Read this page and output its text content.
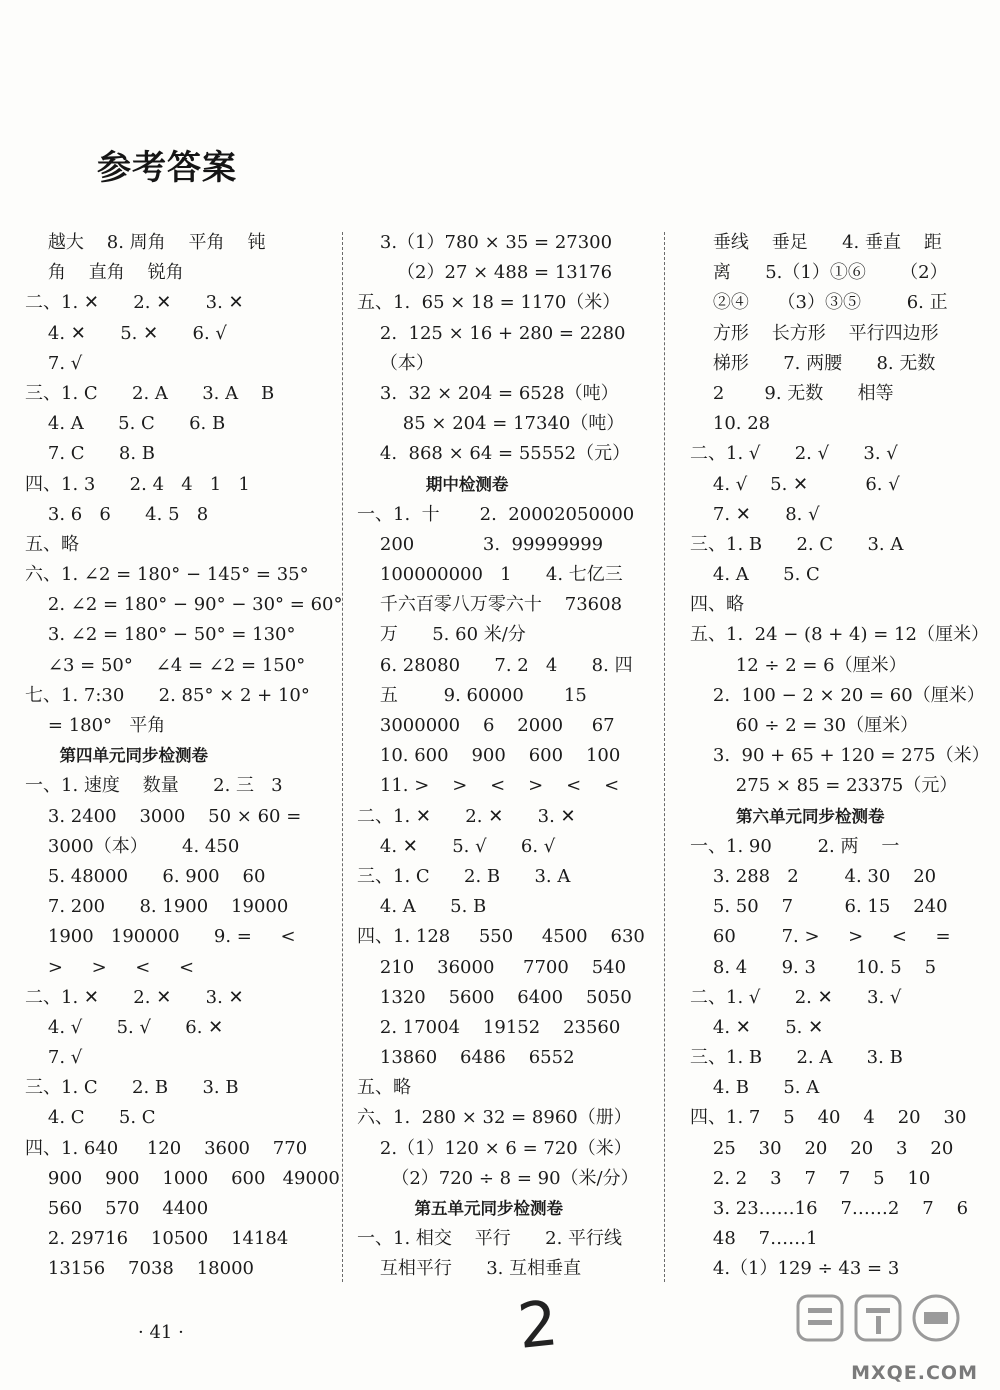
参考答案
越大    8. 周角    平角    钝
角    直角    锐角
二、1. ✕      2. ✕      3. ✕
4. ✕      5. ✕      6. √
7. √
三、1. C      2. A      3. A    B
4. A      5. C      6. B
7. C      8. B
四、1. 3      2. 4   4   1   1
3. 6   6      4. 5   8
五、略
六、1. ∠2 = 180° − 145° = 35°
2. ∠2 = 180° − 90° − 30° = 60°
3. ∠2 = 180° − 50° = 130°
∠3 = 50°    ∠4 = ∠2 = 150°
七、1. 7:30      2. 85° × 2 + 10°
= 180°   平角
第四单元同步检测卷
一、1. 速度    数量      2. 三   3
3. 2400    3000    50 × 60 =
3000（本）      4. 450
5. 48000      6. 900    60
7. 200      8. 1900    19000
1900   190000      9. =     <
>     >     <     <
二、1. ✕      2. ✕      3. ✕
4. √      5. √      6. ✕
7. √
三、1. C      2. B      3. B
4. C      5. C
四、1. 640     120    3600    770
900    900    1000    600   49000
560    570    4400
2. 29716    10500    14184
13156    7038    18000
3.（1）780 × 35 = 27300
（2）27 × 488 = 13176
五、1.  65 × 18 = 1170（米）
2.  125 × 16 + 280 = 2280
（本）
3.  32 × 204 = 6528（吨）
85 × 204 = 17340（吨）
4.  868 × 64 = 55552（元）
期中检测卷
一、1.  十       2.  20002050000
200            3.  99999999
100000000   1      4. 七亿三
千六百零八万零六十    73608
万      5. 60 米/分
6. 28080      7. 2   4      8. 四
五        9. 60000       15
3000000    6    2000     67
10. 600    900    600    100
11. >    >    <    >    <    <
二、1. ✕      2. ✕      3. ✕
4. ✕      5. √      6. √
三、1. C      2. B      3. A
4. A      5. B
四、1. 128     550     4500    630
210    36000     7700    540
1320    5600    6400    5050
2. 17004    19152    23560
13860    6486    6552
五、略
六、1.  280 × 32 = 8960（册）
2.（1）120 × 6 = 720（米）
（2）720 ÷ 8 = 90（米/分）
第五单元同步检测卷
一、1. 相交    平行      2. 平行线
互相平行      3. 互相垂直
垂线    垂足      4. 垂直    距
离      5.（1）①⑥      （2）
②④     （3）③⑤        6. 正
方形    长方形    平行四边形
梯形      7. 两腰      8. 无数
2       9. 无数      相等
10. 28
二、1. √      2. √      3. √
4. √    5. ✕          6. √
7. ✕      8. √
三、1. B      2. C      3. A
4. A      5. C
四、略
五、1.  24 − (8 + 4) = 12（厘米）
12 ÷ 2 = 6（厘米）
2.  100 − 2 × 20 = 60（厘米）
60 ÷ 2 = 30（厘米）
3.  90 + 65 + 120 = 275（米）
275 × 85 = 23375（元）
第六单元同步检测卷
一、1. 90        2. 两    一
3. 288   2        4. 30    20
5. 50    7         6. 15    240
60        7. >     >     <     =
8. 4      9. 3       10. 5    5
二、1. √      2. ✕      3. √
4. ✕      5. ✕
三、1. B      2. A      3. B
4. B      5. A
四、1. 7    5    40    4    20    30
25    30    20    20    3    20
2. 2    3    7    7    5    10
3. 23……16    7……2    7    6
48    7……1
4.（1）129 ÷ 43 = 3
· 41 ·	2
MXQE.COM
